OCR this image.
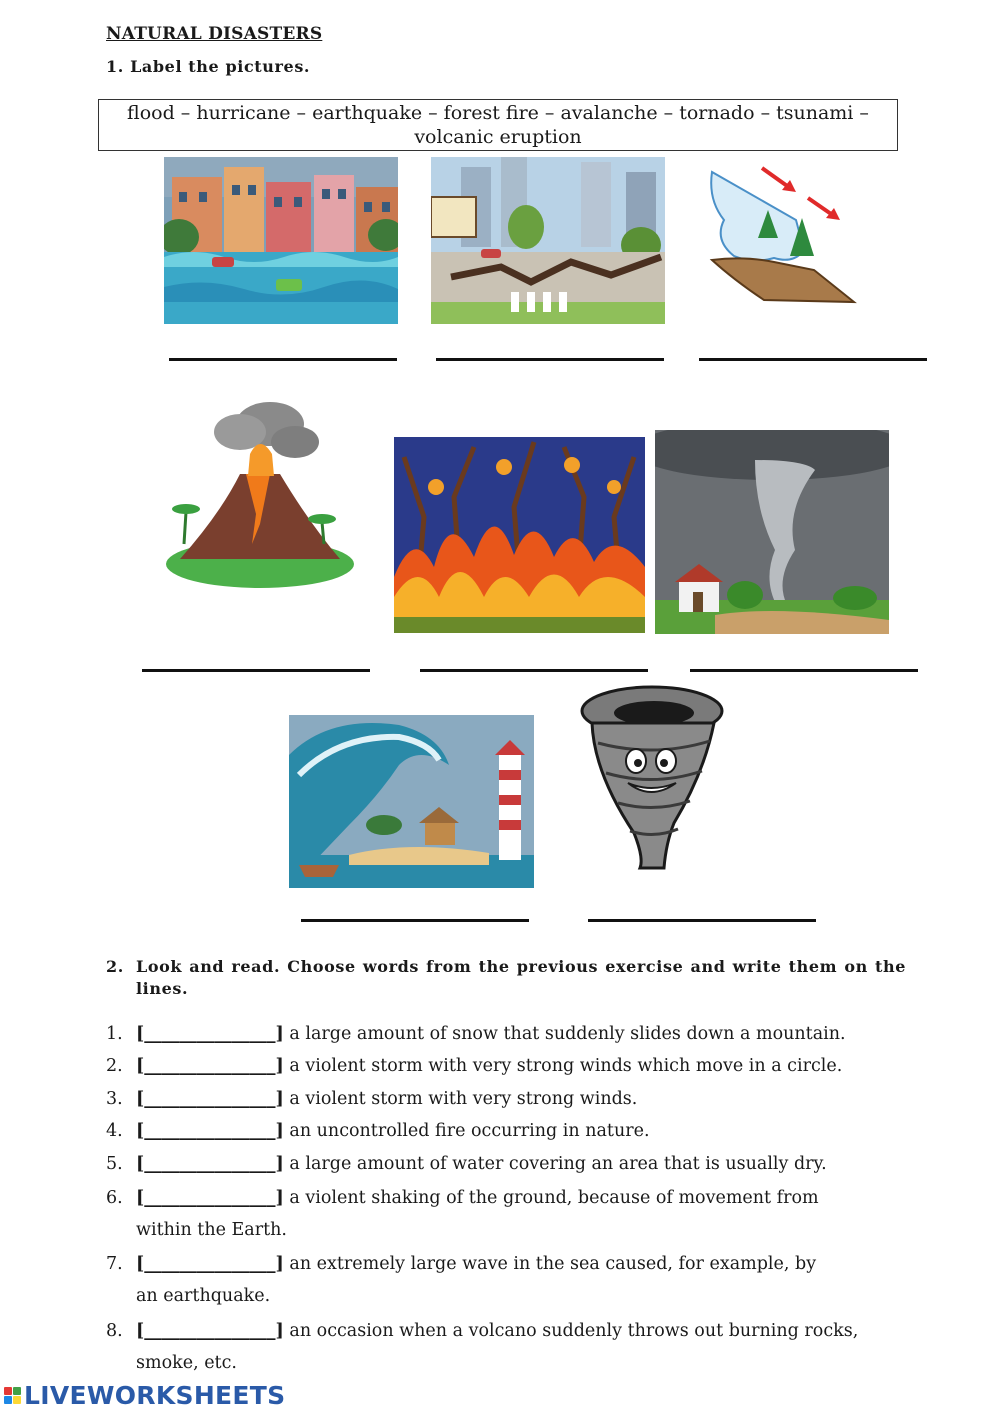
NATURAL DISASTERS
1. Label the pictures.
flood – hurricane – earthquake – forest fire – avalanche – tornado – tsunami –
volcanic eruption
2. Look and read. Choose words from the previous exercise and write them on the lines.
1. [_______________] a large amount of snow that suddenly slides down a mountain.
2. [_______________] a violent storm with very strong winds which move in a circle.
3. [_______________] a violent storm with very strong winds.
4. [_______________] an uncontrolled fire occurring in nature.
5. [_______________] a large amount of water covering an area that is usually dry.
6. [_______________] a violent shaking of the ground, because of movement from
within the Earth.
7. [_______________] an extremely large wave in the sea caused, for example, by
an earthquake.
8. [_______________] an occasion when a volcano suddenly throws out burning rocks,
smoke, etc.
LIVEWORKSHEETS
